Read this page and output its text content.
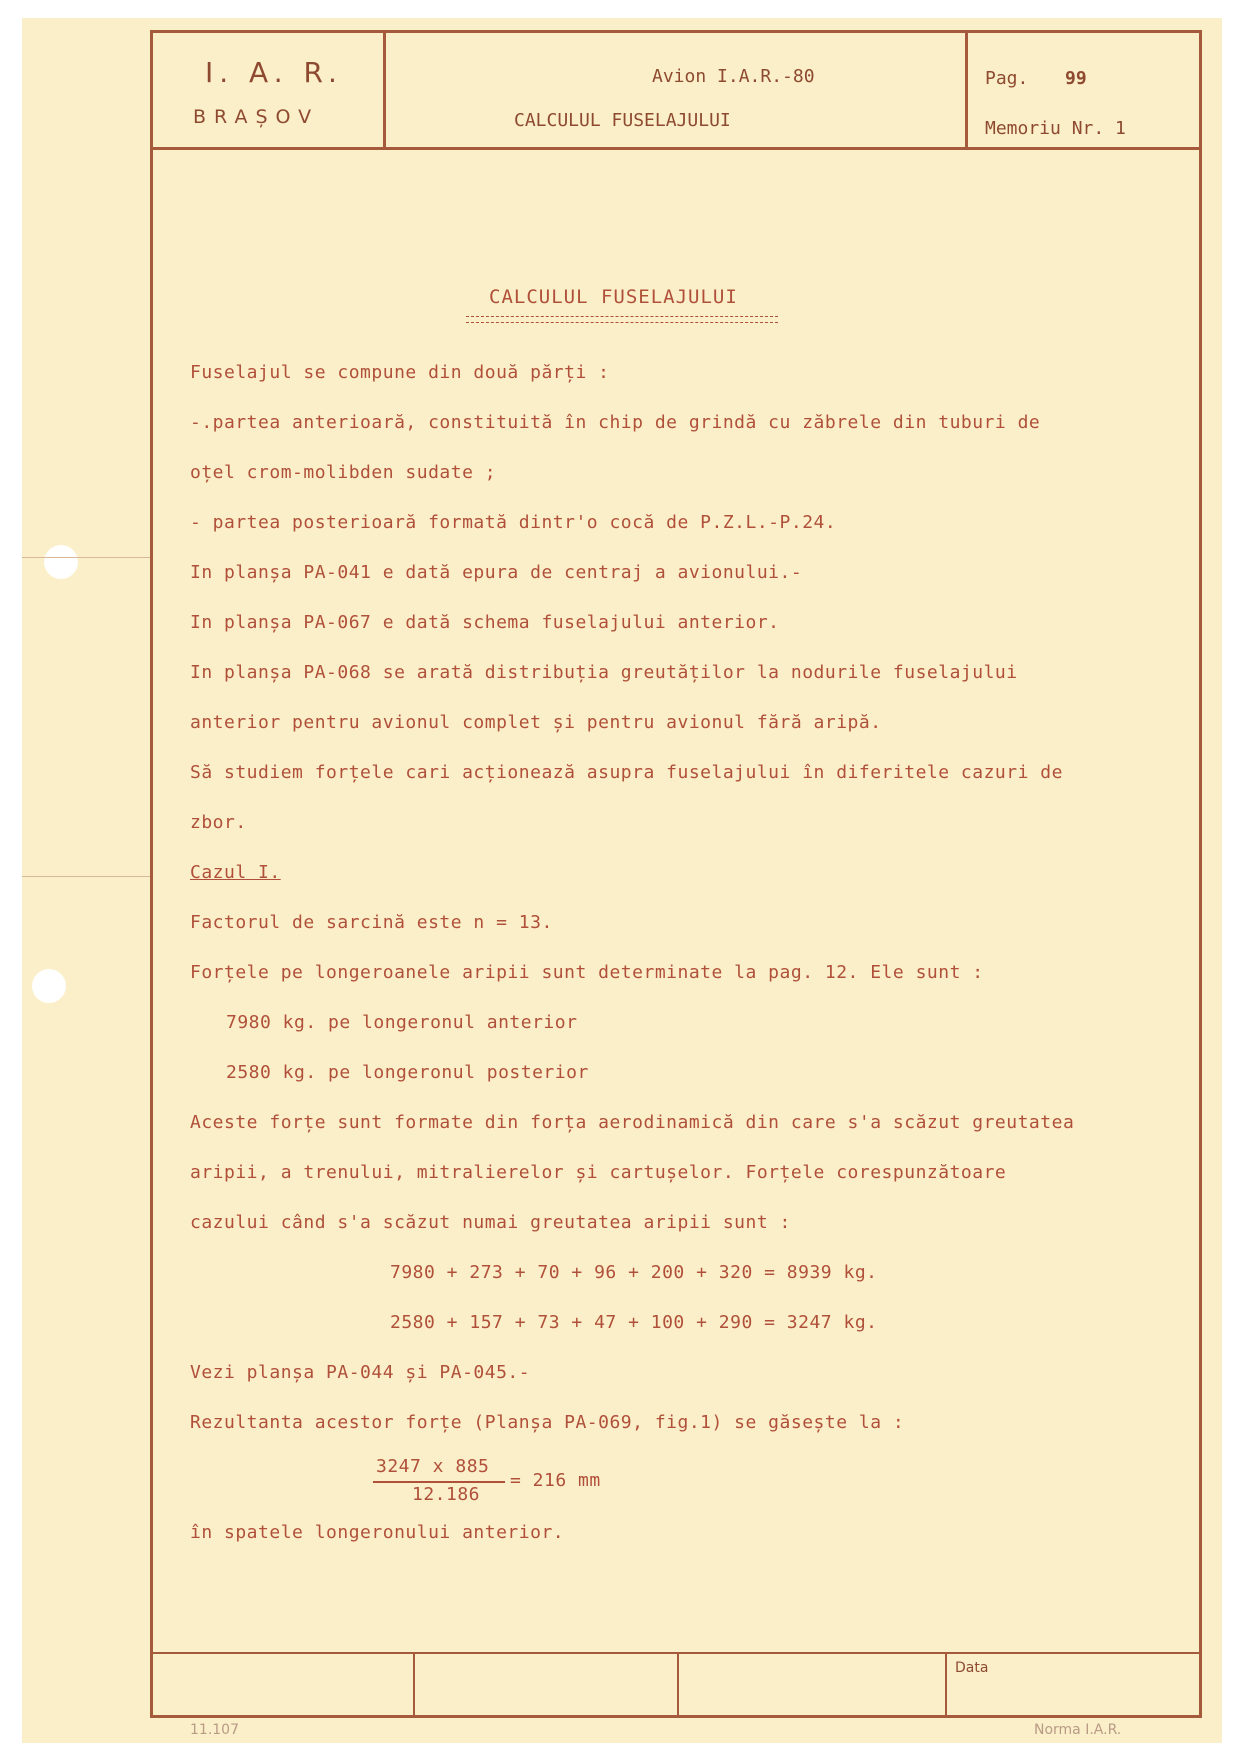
I. A. R.
BRAȘOV
Avion I.A.R.-80
CALCULUL FUSELAJULUI
Pag. 99
Memoriu Nr. 1
CALCULUL FUSELAJULUI
Fuselajul se compune din două părți :
-.partea anterioară, constituită în chip de grindă cu zăbrele din tuburi de
oțel crom-molibden sudate ;
- partea posterioară formată dintr'o cocă de P.Z.L.-P.24.
In planșa PA-041 e dată epura de centraj a avionului.-
In planșa PA-067 e dată schema fuselajului anterior.
In planșa PA-068 se arată distribuția greutăților la nodurile fuselajului
anterior pentru avionul complet și pentru avionul fără aripă.
Să studiem forțele cari acționează asupra fuselajului în diferitele cazuri de
zbor.
Cazul I.
Factorul de sarcină este n = 13.
Forțele pe longeroanele aripii sunt determinate la pag. 12. Ele sunt :
7980 kg. pe longeronul anterior
2580 kg. pe longeronul posterior
Aceste forțe sunt formate din forța aerodinamică din care s'a scăzut greutatea
aripii, a trenului, mitralierelor și cartușelor. Forțele corespunzătoare
cazului când s'a scăzut numai greutatea aripii sunt :
7980 + 273 + 70 + 96 + 200 + 320 = 8939 kg.
2580 + 157 + 73 + 47 + 100 + 290 = 3247 kg.
Vezi planșa PA-044 și PA-045.-
Rezultanta acestor forțe (Planșa PA-069, fig.1) se găsește la :
3247 x 885
12.186
= 216 mm
în spatele longeronului anterior.
Data
11.107	Norma I.A.R.
